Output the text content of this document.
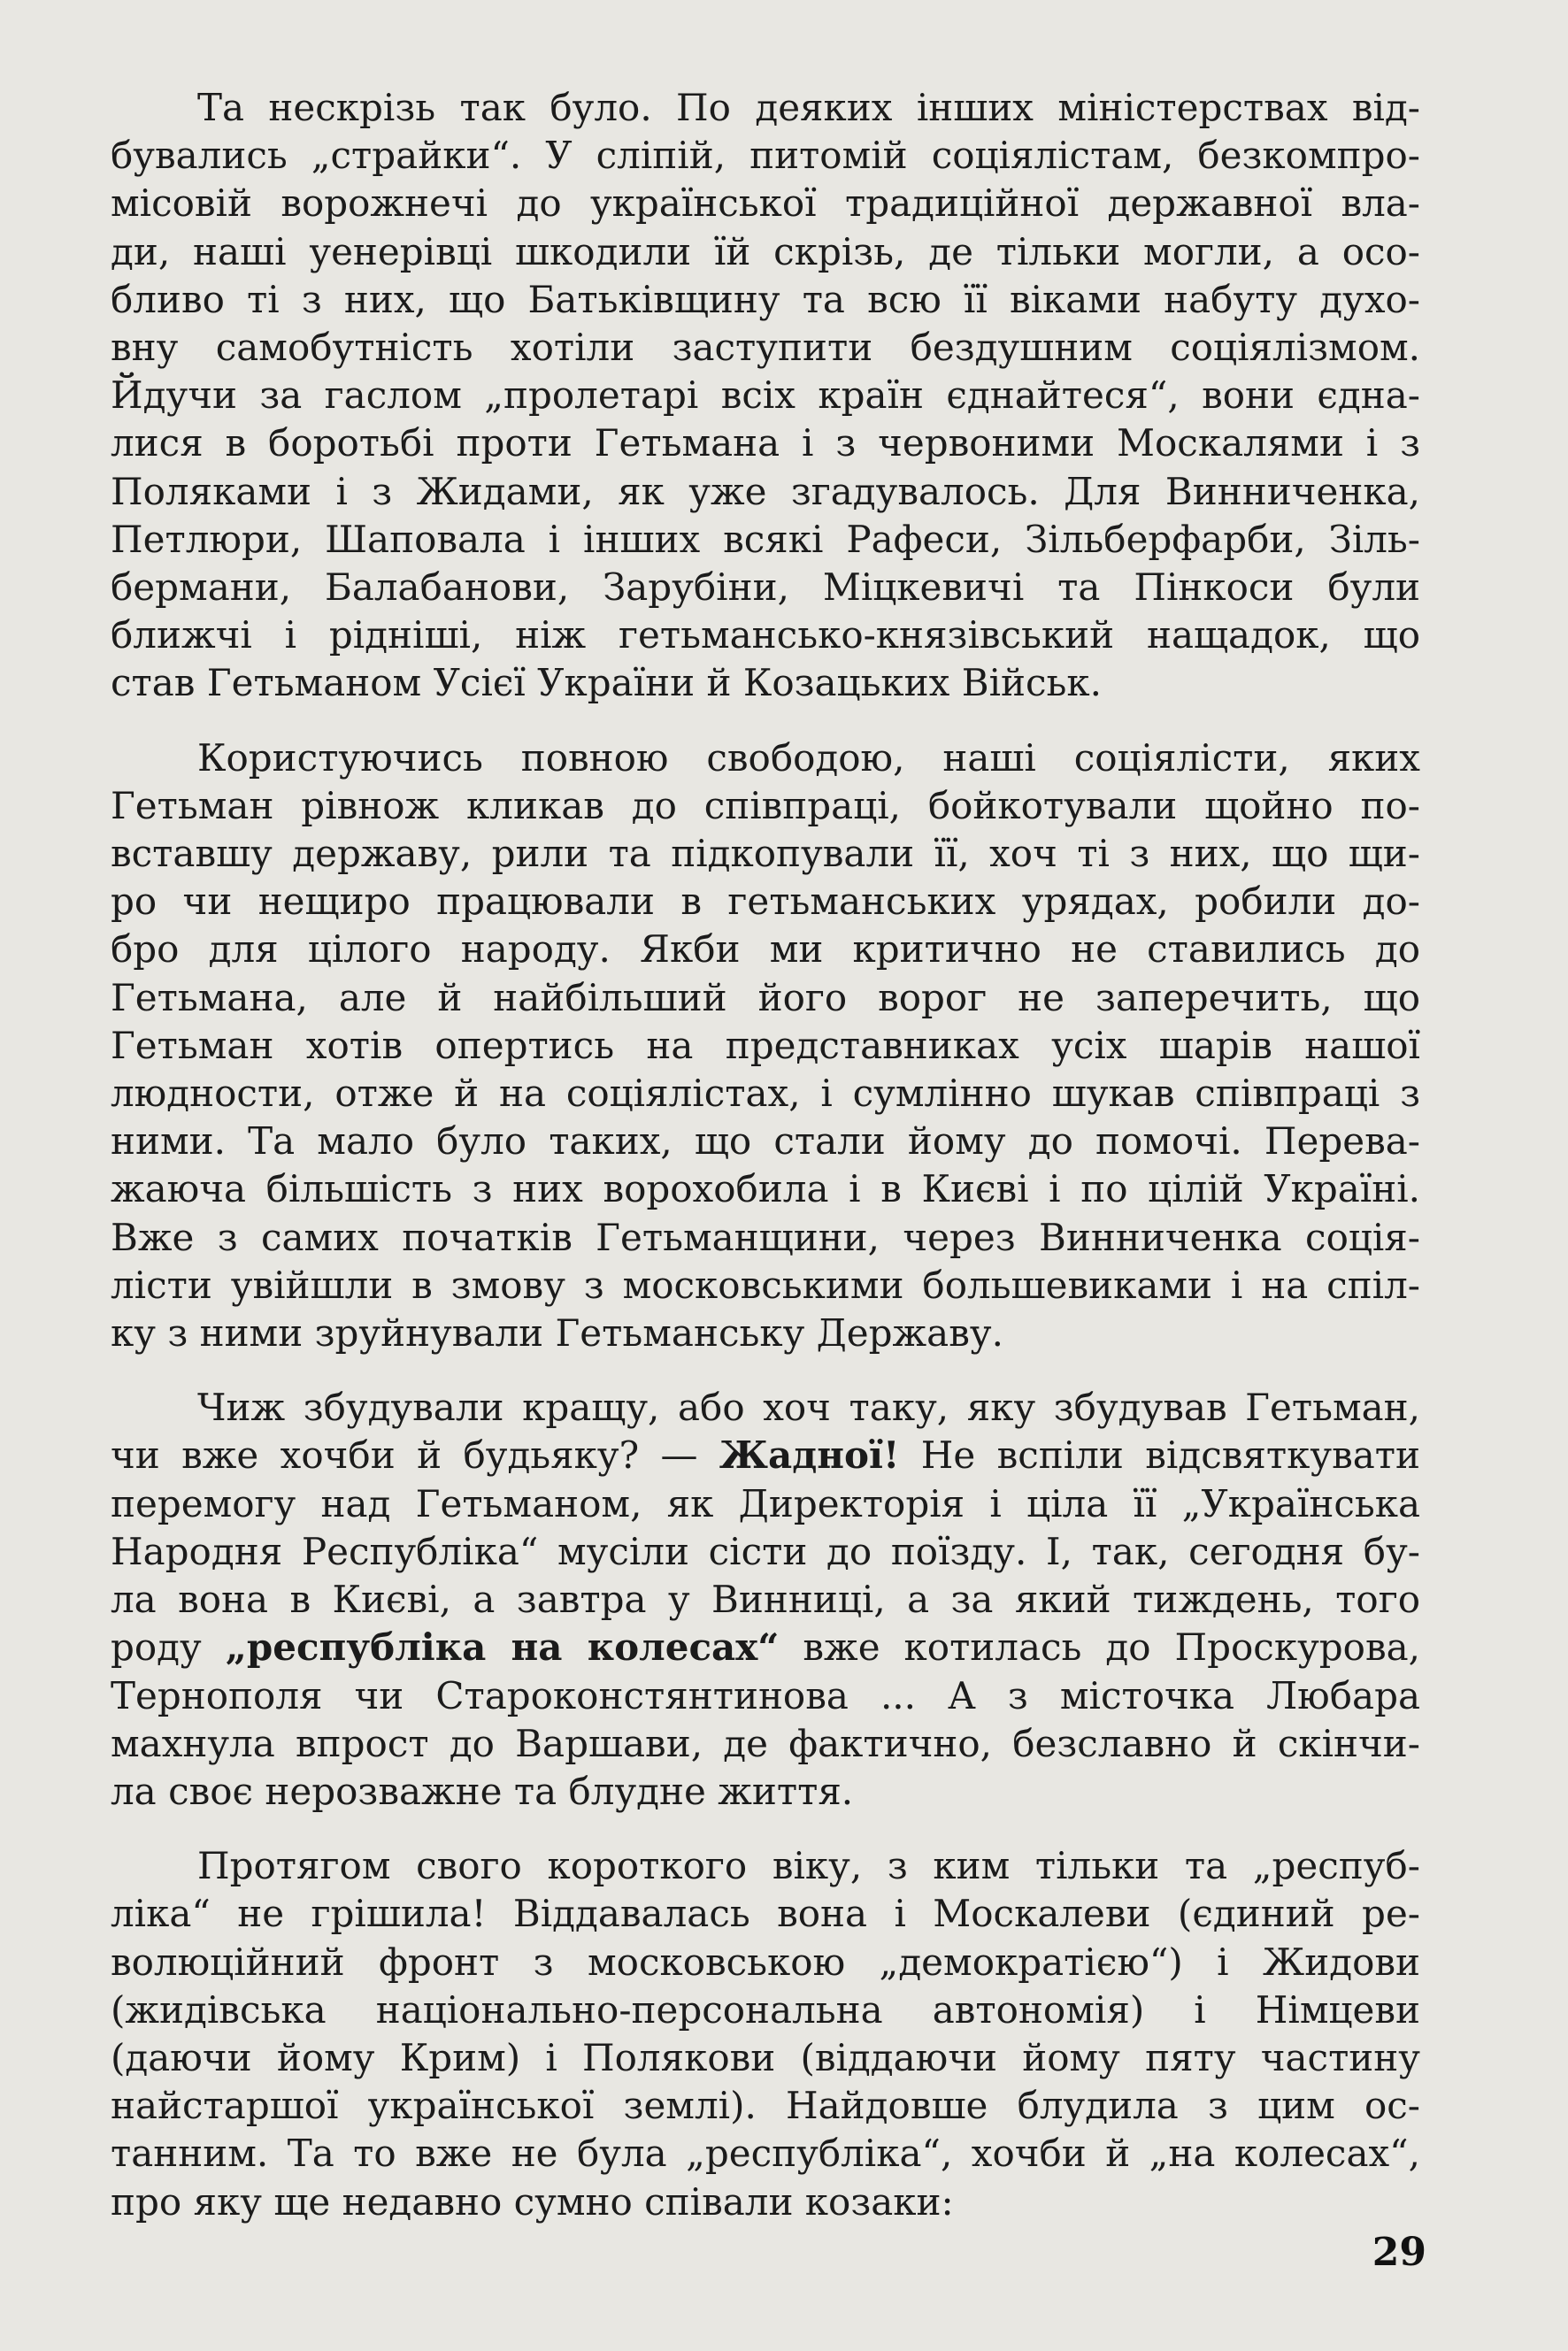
Та нескрізь так було. По деяких інших міністерствах від-
бувались „страйки“. У сліпій, питомій соціялістам, безкомпро-
місовій ворожнечі до української традиційної державної вла-
ди, наші уенерівці шкодили їй скрізь, де тільки могли, а осо-
бливо ті з них, що Батьківщину та всю її віками набуту духо-
вну самобутність хотіли заступити бездушним соціялізмом.
Йдучи за гаслом „пролетарі всіх країн єднайтеся“, вони єдна-
лися в боротьбі проти Гетьмана і з червоними Москалями і з
Поляками і з Жидами, як уже згадувалось. Для Винниченка,
Петлюри, Шаповала і інших всякі Рафеси, Зільберфарби, Зіль-
бермани, Балабанови, Зарубіни, Міцкевичі та Пінкоси були
ближчі і рідніші, ніж гетьмансько-князівський нащадок, що
став Гетьманом Усієї України й Козацьких Військ.

Користуючись повною свободою, наші соціялісти, яких
Гетьман рівнож кликав до співпраці, бойкотували щойно по-
вставшу державу, рили та підкопували її, хоч ті з них, що щи-
ро чи нещиро працювали в гетьманських урядах, робили до-
бро для цілого народу. Якби ми критично не ставились до
Гетьмана, але й найбільший його ворог не заперечить, що
Гетьман хотів опертись на представниках усіх шарів нашої
людности, отже й на соціялістах, і сумлінно шукав співпраці з
ними. Та мало було таких, що стали йому до помочі. Перева-
жаюча більшість з них ворохобила і в Києві і по цілій Україні.
Вже з самих початків Гетьманщини, через Винниченка соція-
лісти увійшли в змову з московськими большевиками і на спіл-
ку з ними зруйнували Гетьманську Державу.

Чиж збудували кращу, або хоч таку, яку збудував Гетьман,
чи вже хочби й будьяку? — Жадної! Не вспіли відсвяткувати
перемогу над Гетьманом, як Директорія і ціла її „Українська
Народня Республіка“ мусіли сісти до поїзду. І, так, сегодня бу-
ла вона в Києві, а завтра у Винниці, а за який тиждень, того
роду „республіка на колесах“ вже котилась до Проскурова,
Тернополя чи Староконстянтинова ... А з місточка Любара
махнула впрост до Варшави, де фактично, безславно й скінчи-
ла своє нерозважне та блудне життя.

Протягом свого короткого віку, з ким тільки та „респуб-
ліка“ не грішила! Віддавалась вона і Москалеви (єдиний ре-
волюційний фронт з московською „демократією“) і Жидови
(жидівська національно-персональна автономія) і Німцеви
(даючи йому Крим) і Полякови (віддаючи йому пяту частину
найстаршої української землі). Найдовше блудила з цим ос-
танним. Та то вже не була „республіка“, хочби й „на колесах“,
про яку ще недавно сумно співали козаки:

29
